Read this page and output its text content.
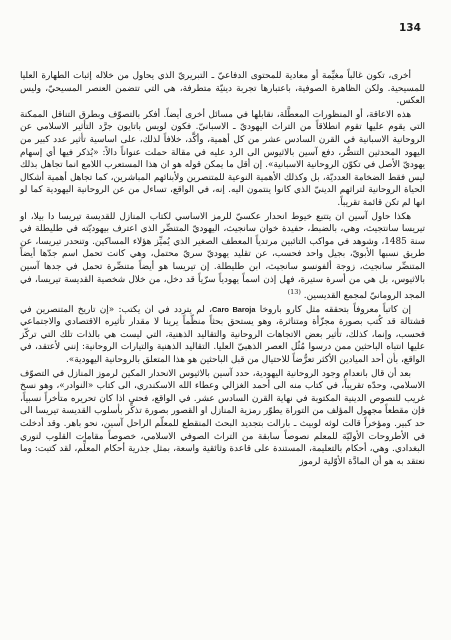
134

أخرى، تكون غالباً مغيِّمة أو معادية للمحتوى الدفاعيّ ـ التبريريّ الذي يحاول من خلاله إثبات الطهارة العليا للمسيحية. ولكن الظاهرة الصوفية، باعتبارها تجربة دينيّة متطرفة، هي التي تتضمن العنصر المسيحيّ، وليس العكس.

هذه الاعاقة، أو المنظورات المعطَّلة، نقابلها في مسائل أخرى أيضاً. أفكر بالتصوّف وبطرق التناقل الممكنة التي يقوم عليها تقوم انطلاقاً من التراث اليهوديّ ـ الاسبانيّ. فكون لويس باتايون جرَّد التأثير الاسلامي عن الروحانية الاسبانية في القرن السادس عشر من كل أهمية، وأكَّد، خلافاً لذلك، على اساسية تأثير عدد كبير من اليهود المحدثين التنصُّر، دفع آسين بالاثيوس الى الرد عليه في مقالة حملت عنواناً دالاً: «يُذكر فيها أي إسهام يهوديّ الأصل في تكوّن الروحانية الاسبانية». إن أقل ما يمكن قوله هو ان هذا المستعرب اللامع انما تجاهل بذلك ليس فقط الضخامة العدديّة، بل وكذلك الأهمية النوعية للمتنصرين ولأبنائهم المباشرين، كما تجاهل أهمية أشكال الحياة الروحانية لتراثهم الدينيّ الذي كانوا ينتمون اليه. إنه، في الواقع، تساءل من عن الروحانية اليهودية كما لو انها لم تكن قائمة تقريباً.

هكذا حاول آسين ان يتتبع خيوط انحدار عكسيّ للرمز الاساسي لكتاب المنازل للقديسة تيريسا دا بيلا، او تيريسا سانتجيث، وهي، بالضبط، حفيدة خوان سانجيث، اليهوديّ المتنصِّر الذي اعترف بيهوديّته في طليطلة في سنة 1485، وشوهد في مواكب التائبين مرتدياً المعطف الصغير الذي يُميِّز هؤلاء المساكين. وتنحدر تيريسا، عن طريق نسبها الأبويّ، بجيل واحد فحسب، عن تقليد يهوديّ سريّ محتمل، وهي كانت تحمل اسم جدّها أيضاً المتنصِّر سانجيث، زوجة ألفونسو سانجيث، ابن طليطلة. إن تيريسا هو أيضاً متنصِّرة تحمل في جدها آسين بالاثيوس، بل هي من أسرة ستيرة، فهل إذن اسماً يهودياً سرّياً قد دخل، من خلال شخصية القديسة تيريسا، في المجد الرومانيّ لمجمع القديسين. $^{(13)}$

إن كاتباً معروفاً بتحققه مثل كارو باروخا Caro Baroja، لم يتردد في ان يكتب: «إن تاريخ المتنصرين في قشتالة قد كُتب بصورة مجزّأة ومتناثرة، وهو يستحق بحثاً منظّماً يرينا لا مقدار تأثيره الاقتصادي والاجتماعي فحسب، وإنما، كذلك، تأثير بعض الاتجاهات الروحانية والتقاليد الذهنية، التي ليست هي بالذات تلك التي تركّز عليها انتباه الباحثين ممن درسوا مُثُل العصر الذهبيّ العليا. التقاليد الذهنية والتيارات الروحانية: إنني لأعتقد، في الواقع، بأن أحد الميادين الأكثر تعرُّضاً للاحتيال من قبل الباحثين هو هذا المتعلق بالروحانية اليهودية».

بعد أن قال بانعدام وجود الروحانية اليهودية، حدد آسين بالاثيوس الانحدار المكين لرموز المنازل في التصوّف الاسلامي، وحدّه تقريباً، في كتاب منه الى أحمد الغزالي وعطاء الله الاسكندري، الى كتاب «النوادر»، وهو نسخ غريب للنصوص الدينية المكتوبة في نهاية القرن السادس عشر. في الواقع، فحتى اذا كان تحريره متأخراً نسبياً، فإن مقطعاً مجهول المؤلف من التوراة يطوّر رمزية المنازل او القصور بصورة تذكِّر بأسلوب القديسة تيريسا الى حد كبير. ومؤخراً قالت لوثه لوبيث ـ بارالت بتجديد البحث المنقطع للمعلّم الراحل آسين، نحو باهر. وقد أدخلت في الأطروحات الأوليّة للمعلم نصوصاً سابقة من التراث الصوفي الاسلامي، خصوصاً مقامات القلوب لنوري البغدادي. وهي، أحكام بالتعليمة، المستندة على قاعدة وثائقية واسعة، بمثل جذرية أحكام المعلِّم، لقد كتبت: وما نعتقد به هو أن المادَّة الأوّلية لرموز
